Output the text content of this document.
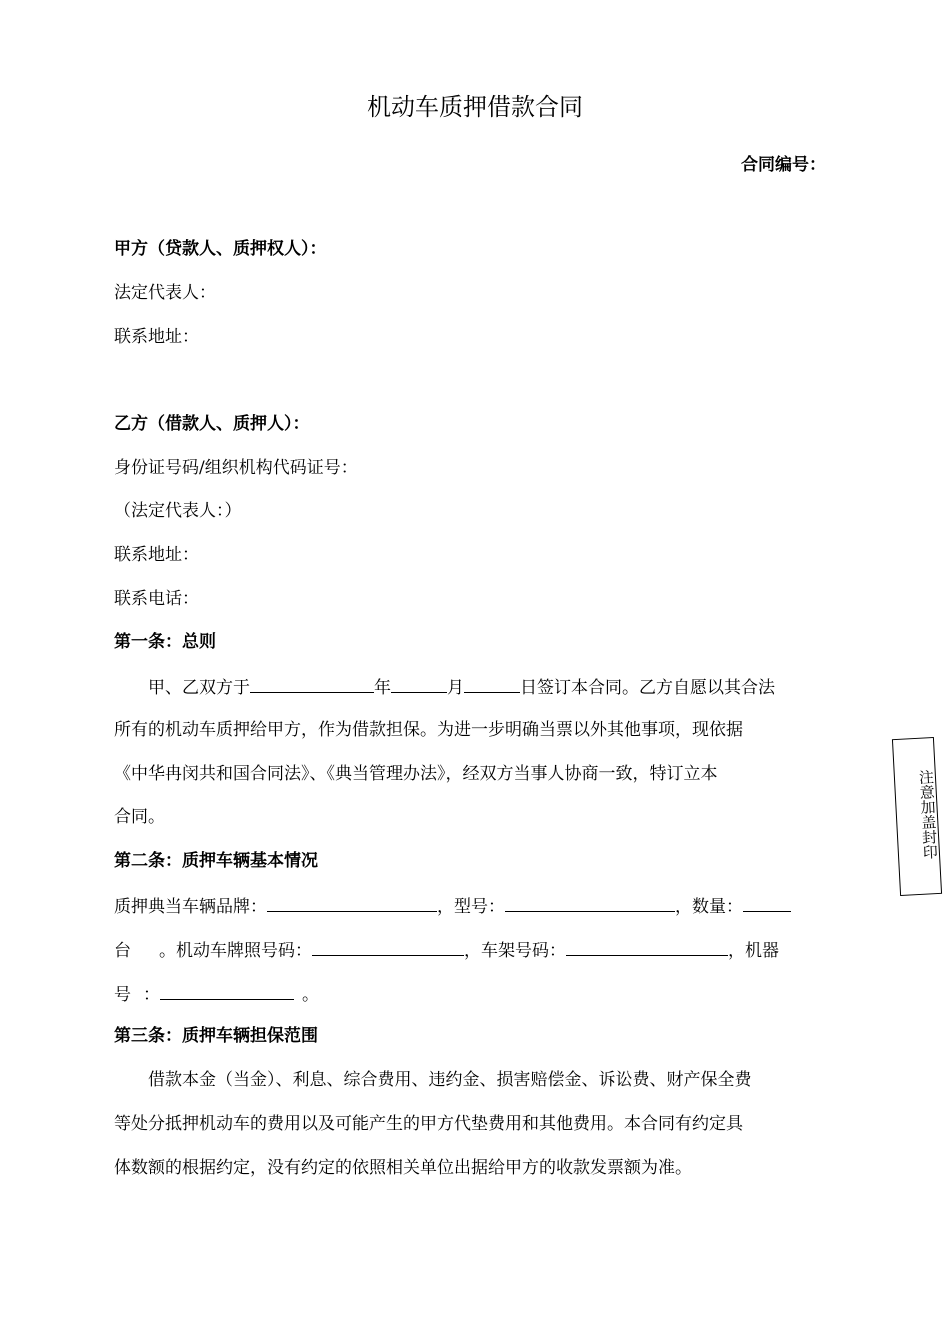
机动车质押借款合同
合同编号：
甲方（贷款人、质押权人）：
法定代表人：
联系地址：
乙方（借款人、质押人）：
身份证号码/组织机构代码证号：
（法定代表人：）
联系地址：
联系电话：
第一条：总则
甲、乙双方于	年	月	日签订本合同。乙方自愿以其合法
所有的机动车质押给甲方，作为借款担保。为进一步明确当票以外其他事项，现依据
《中华冉闵共和国合同法》、《典当管理办法》，经双方当事人协商一致，特订立本
合同。
第二条：质押车辆基本情况
质押典当车辆品牌：	，型号：	，数量：
台 。机动车牌照号码：	，车架号码：	，机器
号 ：	。
第三条：质押车辆担保范围
借款本金（当金）、利息、综合费用、违约金、损害赔偿金、诉讼费、财产保全费
等处分抵押机动车的费用以及可能产生的甲方代垫费用和其他费用。本合同有约定具
体数额的根据约定，没有约定的依照相关单位出据给甲方的收款发票额为准。
注意加盖封印
